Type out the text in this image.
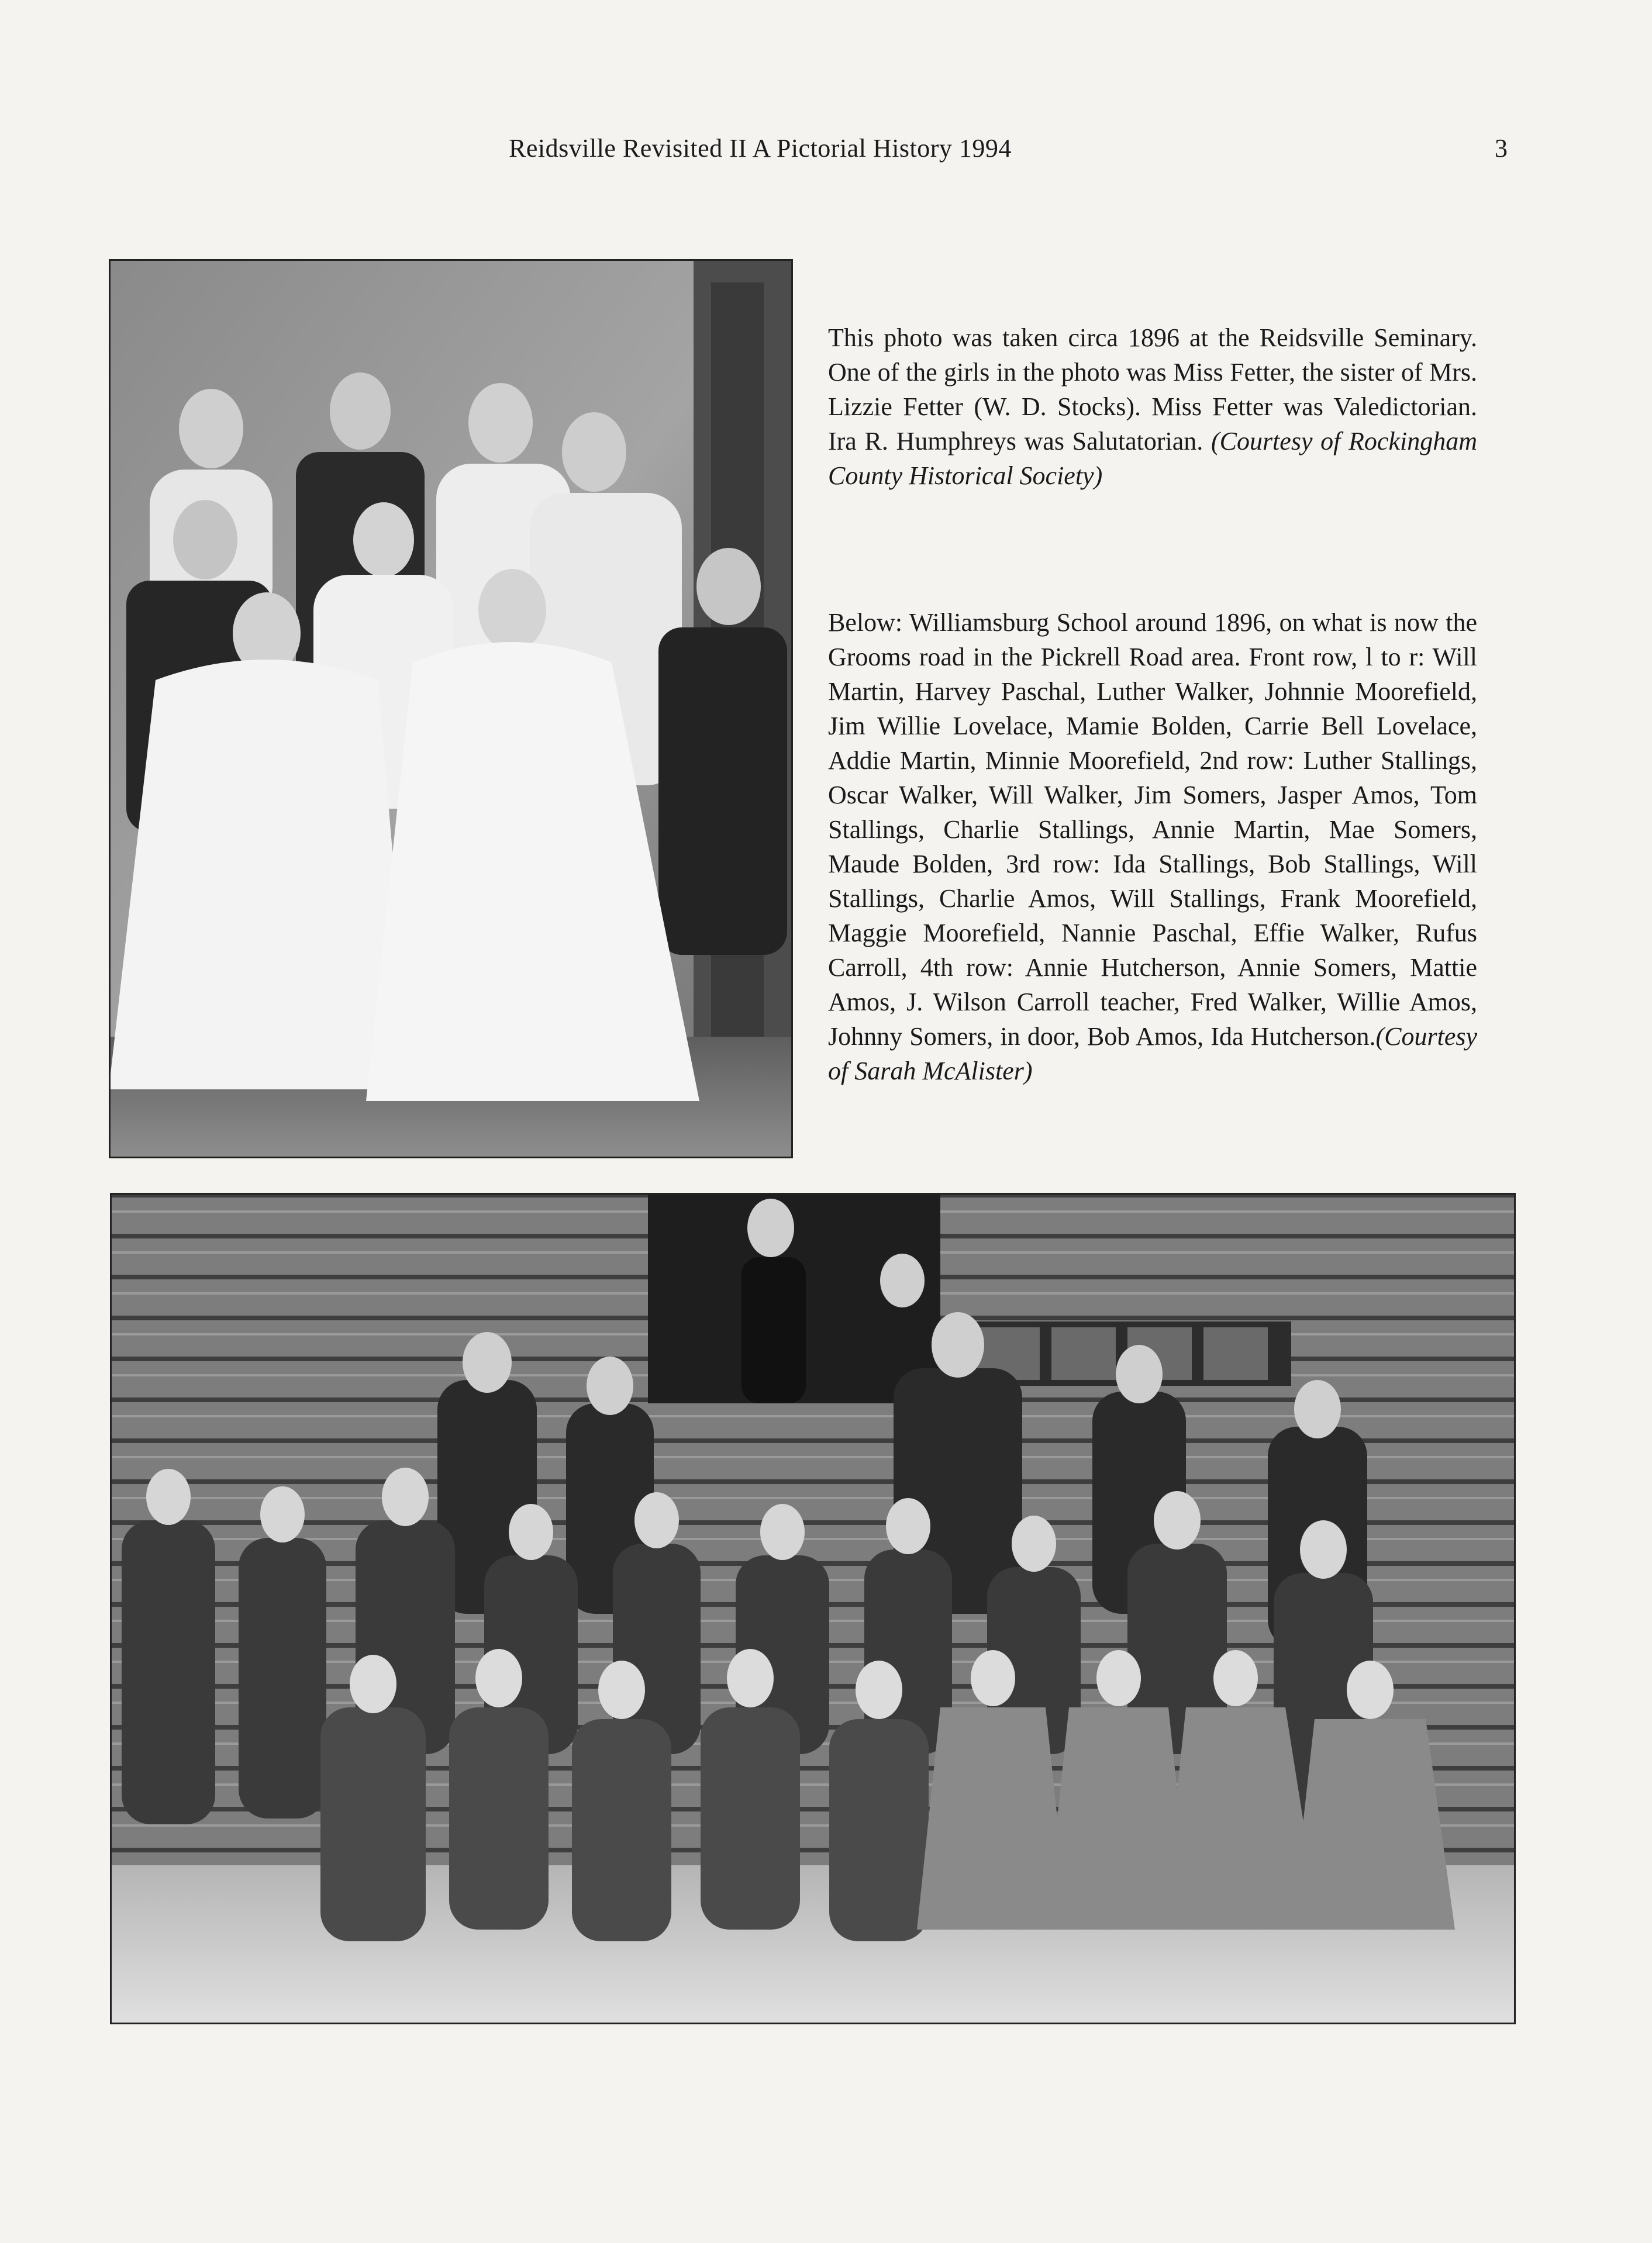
Reidsville Revisited II A Pictorial History 1994	3
This photo was taken circa 1896 at the Reidsville Seminary. One of the girls in the photo was Miss Fetter, the sister of Mrs. Lizzie Fetter (W. D. Stocks). Miss Fetter was Valedictorian. Ira R. Humphreys was Salutatorian. (Courtesy of Rockingham County Historical Society)
Below: Williamsburg School around 1896, on what is now the Grooms road in the Pickrell Road area. Front row, l to r: Will Martin, Harvey Paschal, Luther Walker, Johnnie Moorefield, Jim Willie Lovelace, Mamie Bolden, Carrie Bell Lovelace, Addie Martin, Minnie Moorefield, 2nd row: Luther Stallings, Oscar Walker, Will Walker, Jim Somers, Jasper Amos, Tom Stallings, Charlie Stallings, Annie Martin, Mae Somers, Maude Bolden, 3rd row: Ida Stallings, Bob Stallings, Will Stallings, Charlie Amos, Will Stallings, Frank Moorefield, Maggie Moorefield, Nannie Paschal, Effie Walker, Rufus Carroll, 4th row: Annie Hutcherson, Annie Somers, Mattie Amos, J. Wilson Carroll teacher, Fred Walker, Willie Amos, Johnny Somers, in door, Bob Amos, Ida Hutcherson.(Courtesy of Sarah McAlister)
